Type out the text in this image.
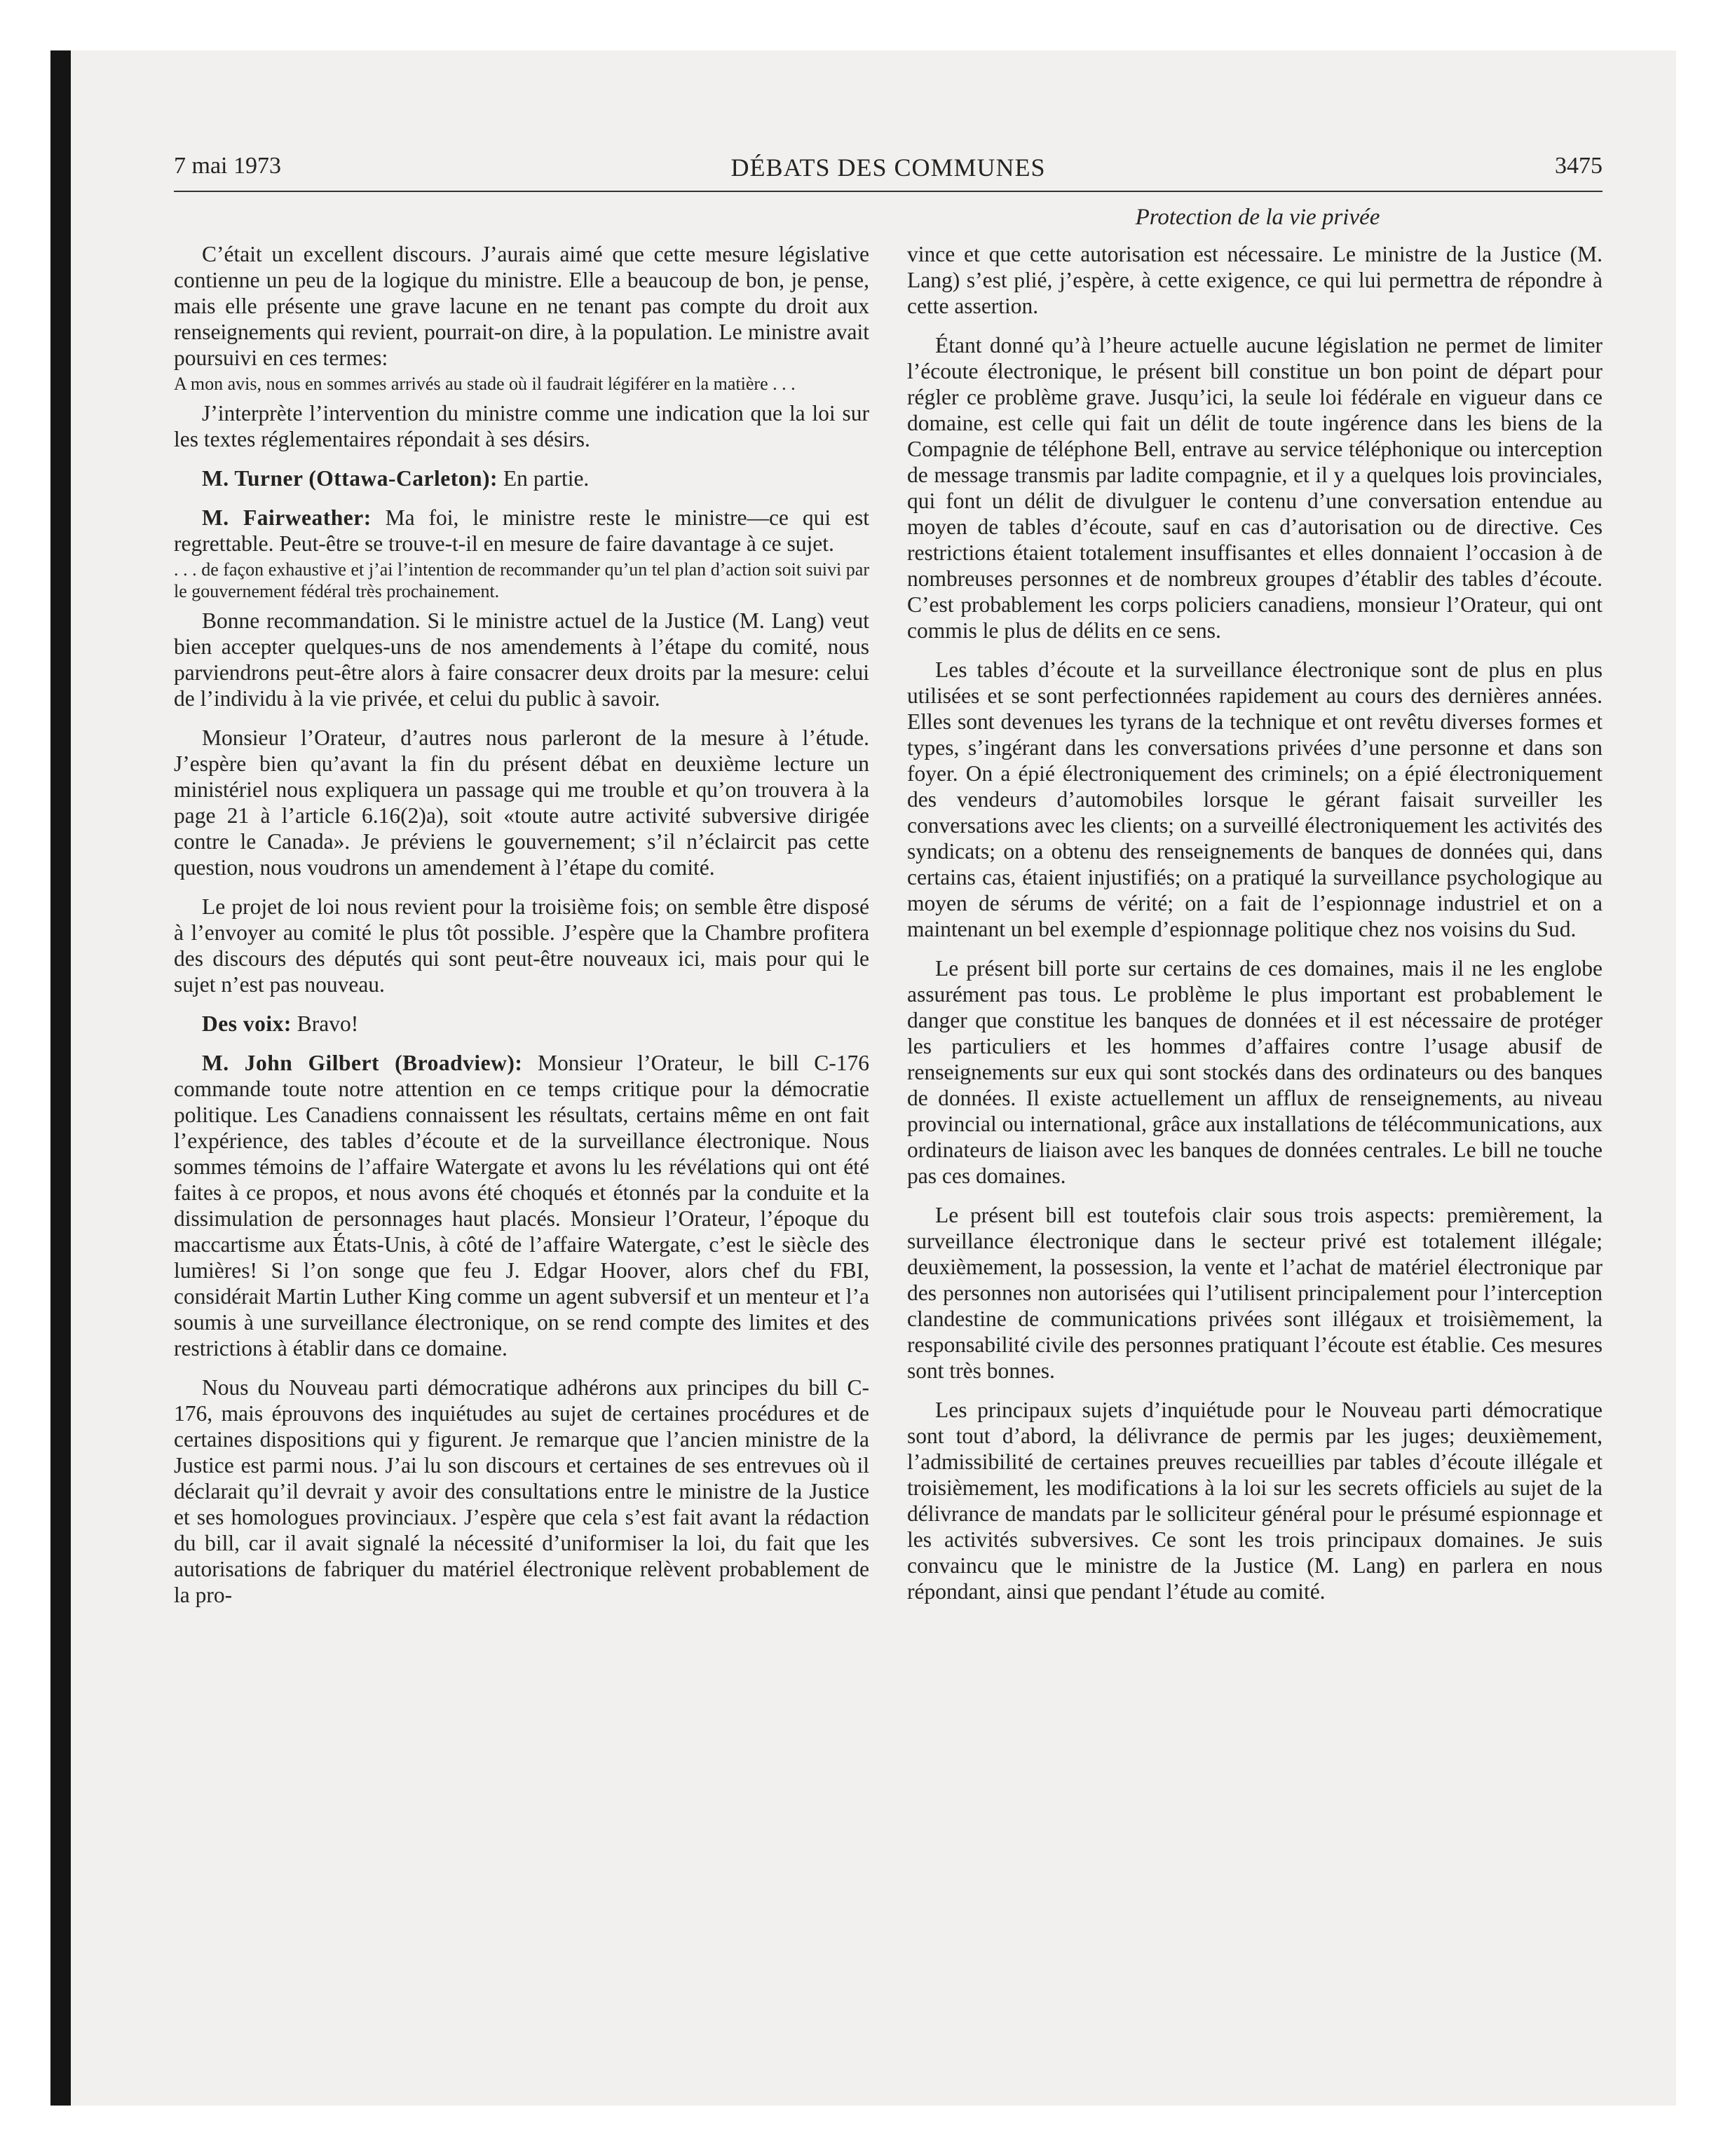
7 mai 1973	DÉBATS DES COMMUNES	3475
Protection de la vie privée

C’était un excellent discours. J’aurais aimé que cette mesure législative contienne un peu de la logique du ministre. Elle a beaucoup de bon, je pense, mais elle présente une grave lacune en ne tenant pas compte du droit aux renseignements qui revient, pourrait-on dire, à la population. Le ministre avait poursuivi en ces termes:

A mon avis, nous en sommes arrivés au stade où il faudrait légiférer en la matière . . .

J’interprète l’intervention du ministre comme une indication que la loi sur les textes réglementaires répondait à ses désirs.

M. Turner (Ottawa-Carleton): En partie.

M. Fairweather: Ma foi, le ministre reste le ministre—ce qui est regrettable. Peut-être se trouve-t-il en mesure de faire davantage à ce sujet.

. . . de façon exhaustive et j’ai l’intention de recommander qu’un tel plan d’action soit suivi par le gouvernement fédéral très prochainement.

Bonne recommandation. Si le ministre actuel de la Justice (M. Lang) veut bien accepter quelques-uns de nos amendements à l’étape du comité, nous parviendrons peut-être alors à faire consacrer deux droits par la mesure: celui de l’individu à la vie privée, et celui du public à savoir.

Monsieur l’Orateur, d’autres nous parleront de la mesure à l’étude. J’espère bien qu’avant la fin du présent débat en deuxième lecture un ministériel nous expliquera un passage qui me trouble et qu’on trouvera à la page 21 à l’article 6.16(2)a), soit «toute autre activité subversive dirigée contre le Canada». Je préviens le gouvernement; s’il n’éclaircit pas cette question, nous voudrons un amendement à l’étape du comité.

Le projet de loi nous revient pour la troisième fois; on semble être disposé à l’envoyer au comité le plus tôt possible. J’espère que la Chambre profitera des discours des députés qui sont peut-être nouveaux ici, mais pour qui le sujet n’est pas nouveau.

Des voix: Bravo!

M. John Gilbert (Broadview): Monsieur l’Orateur, le bill C-176 commande toute notre attention en ce temps critique pour la démocratie politique. Les Canadiens connaissent les résultats, certains même en ont fait l’expérience, des tables d’écoute et de la surveillance électronique. Nous sommes témoins de l’affaire Watergate et avons lu les révélations qui ont été faites à ce propos, et nous avons été choqués et étonnés par la conduite et la dissimulation de personnages haut placés. Monsieur l’Orateur, l’époque du maccartisme aux États-Unis, à côté de l’affaire Watergate, c’est le siècle des lumières! Si l’on songe que feu J. Edgar Hoover, alors chef du FBI, considérait Martin Luther King comme un agent subversif et un menteur et l’a soumis à une surveillance électronique, on se rend compte des limites et des restrictions à établir dans ce domaine.

Nous du Nouveau parti démocratique adhérons aux principes du bill C-176, mais éprouvons des inquiétudes au sujet de certaines procédures et de certaines dispositions qui y figurent. Je remarque que l’ancien ministre de la Justice est parmi nous. J’ai lu son discours et certaines de ses entrevues où il déclarait qu’il devrait y avoir des consultations entre le ministre de la Justice et ses homologues provinciaux. J’espère que cela s’est fait avant la rédaction du bill, car il avait signalé la nécessité d’uniformiser la loi, du fait que les autorisations de fabriquer du matériel électronique relèvent probablement de la pro-

vince et que cette autorisation est nécessaire. Le ministre de la Justice (M. Lang) s’est plié, j’espère, à cette exigence, ce qui lui permettra de répondre à cette assertion.

Étant donné qu’à l’heure actuelle aucune législation ne permet de limiter l’écoute électronique, le présent bill constitue un bon point de départ pour régler ce problème grave. Jusqu’ici, la seule loi fédérale en vigueur dans ce domaine, est celle qui fait un délit de toute ingérence dans les biens de la Compagnie de téléphone Bell, entrave au service téléphonique ou interception de message transmis par ladite compagnie, et il y a quelques lois provinciales, qui font un délit de divulguer le contenu d’une conversation entendue au moyen de tables d’écoute, sauf en cas d’autorisation ou de directive. Ces restrictions étaient totalement insuffisantes et elles donnaient l’occasion à de nombreuses personnes et de nombreux groupes d’établir des tables d’écoute. C’est probablement les corps policiers canadiens, monsieur l’Orateur, qui ont commis le plus de délits en ce sens.

Les tables d’écoute et la surveillance électronique sont de plus en plus utilisées et se sont perfectionnées rapidement au cours des dernières années. Elles sont devenues les tyrans de la technique et ont revêtu diverses formes et types, s’ingérant dans les conversations privées d’une personne et dans son foyer. On a épié électroniquement des criminels; on a épié électroniquement des vendeurs d’automobiles lorsque le gérant faisait surveiller les conversations avec les clients; on a surveillé électroniquement les activités des syndicats; on a obtenu des renseignements de banques de données qui, dans certains cas, étaient injustifiés; on a pratiqué la surveillance psychologique au moyen de sérums de vérité; on a fait de l’espionnage industriel et on a maintenant un bel exemple d’espionnage politique chez nos voisins du Sud.

Le présent bill porte sur certains de ces domaines, mais il ne les englobe assurément pas tous. Le problème le plus important est probablement le danger que constitue les banques de données et il est nécessaire de protéger les particuliers et les hommes d’affaires contre l’usage abusif de renseignements sur eux qui sont stockés dans des ordinateurs ou des banques de données. Il existe actuellement un afflux de renseignements, au niveau provincial ou international, grâce aux installations de télécommunications, aux ordinateurs de liaison avec les banques de données centrales. Le bill ne touche pas ces domaines.

Le présent bill est toutefois clair sous trois aspects: premièrement, la surveillance électronique dans le secteur privé est totalement illégale; deuxièmement, la possession, la vente et l’achat de matériel électronique par des personnes non autorisées qui l’utilisent principalement pour l’interception clandestine de communications privées sont illégaux et troisièmement, la responsabilité civile des personnes pratiquant l’écoute est établie. Ces mesures sont très bonnes.

Les principaux sujets d’inquiétude pour le Nouveau parti démocratique sont tout d’abord, la délivrance de permis par les juges; deuxièmement, l’admissibilité de certaines preuves recueillies par tables d’écoute illégale et troisièmement, les modifications à la loi sur les secrets officiels au sujet de la délivrance de mandats par le solliciteur général pour le présumé espionnage et les activités subversives. Ce sont les trois principaux domaines. Je suis convaincu que le ministre de la Justice (M. Lang) en parlera en nous répondant, ainsi que pendant l’étude au comité.
